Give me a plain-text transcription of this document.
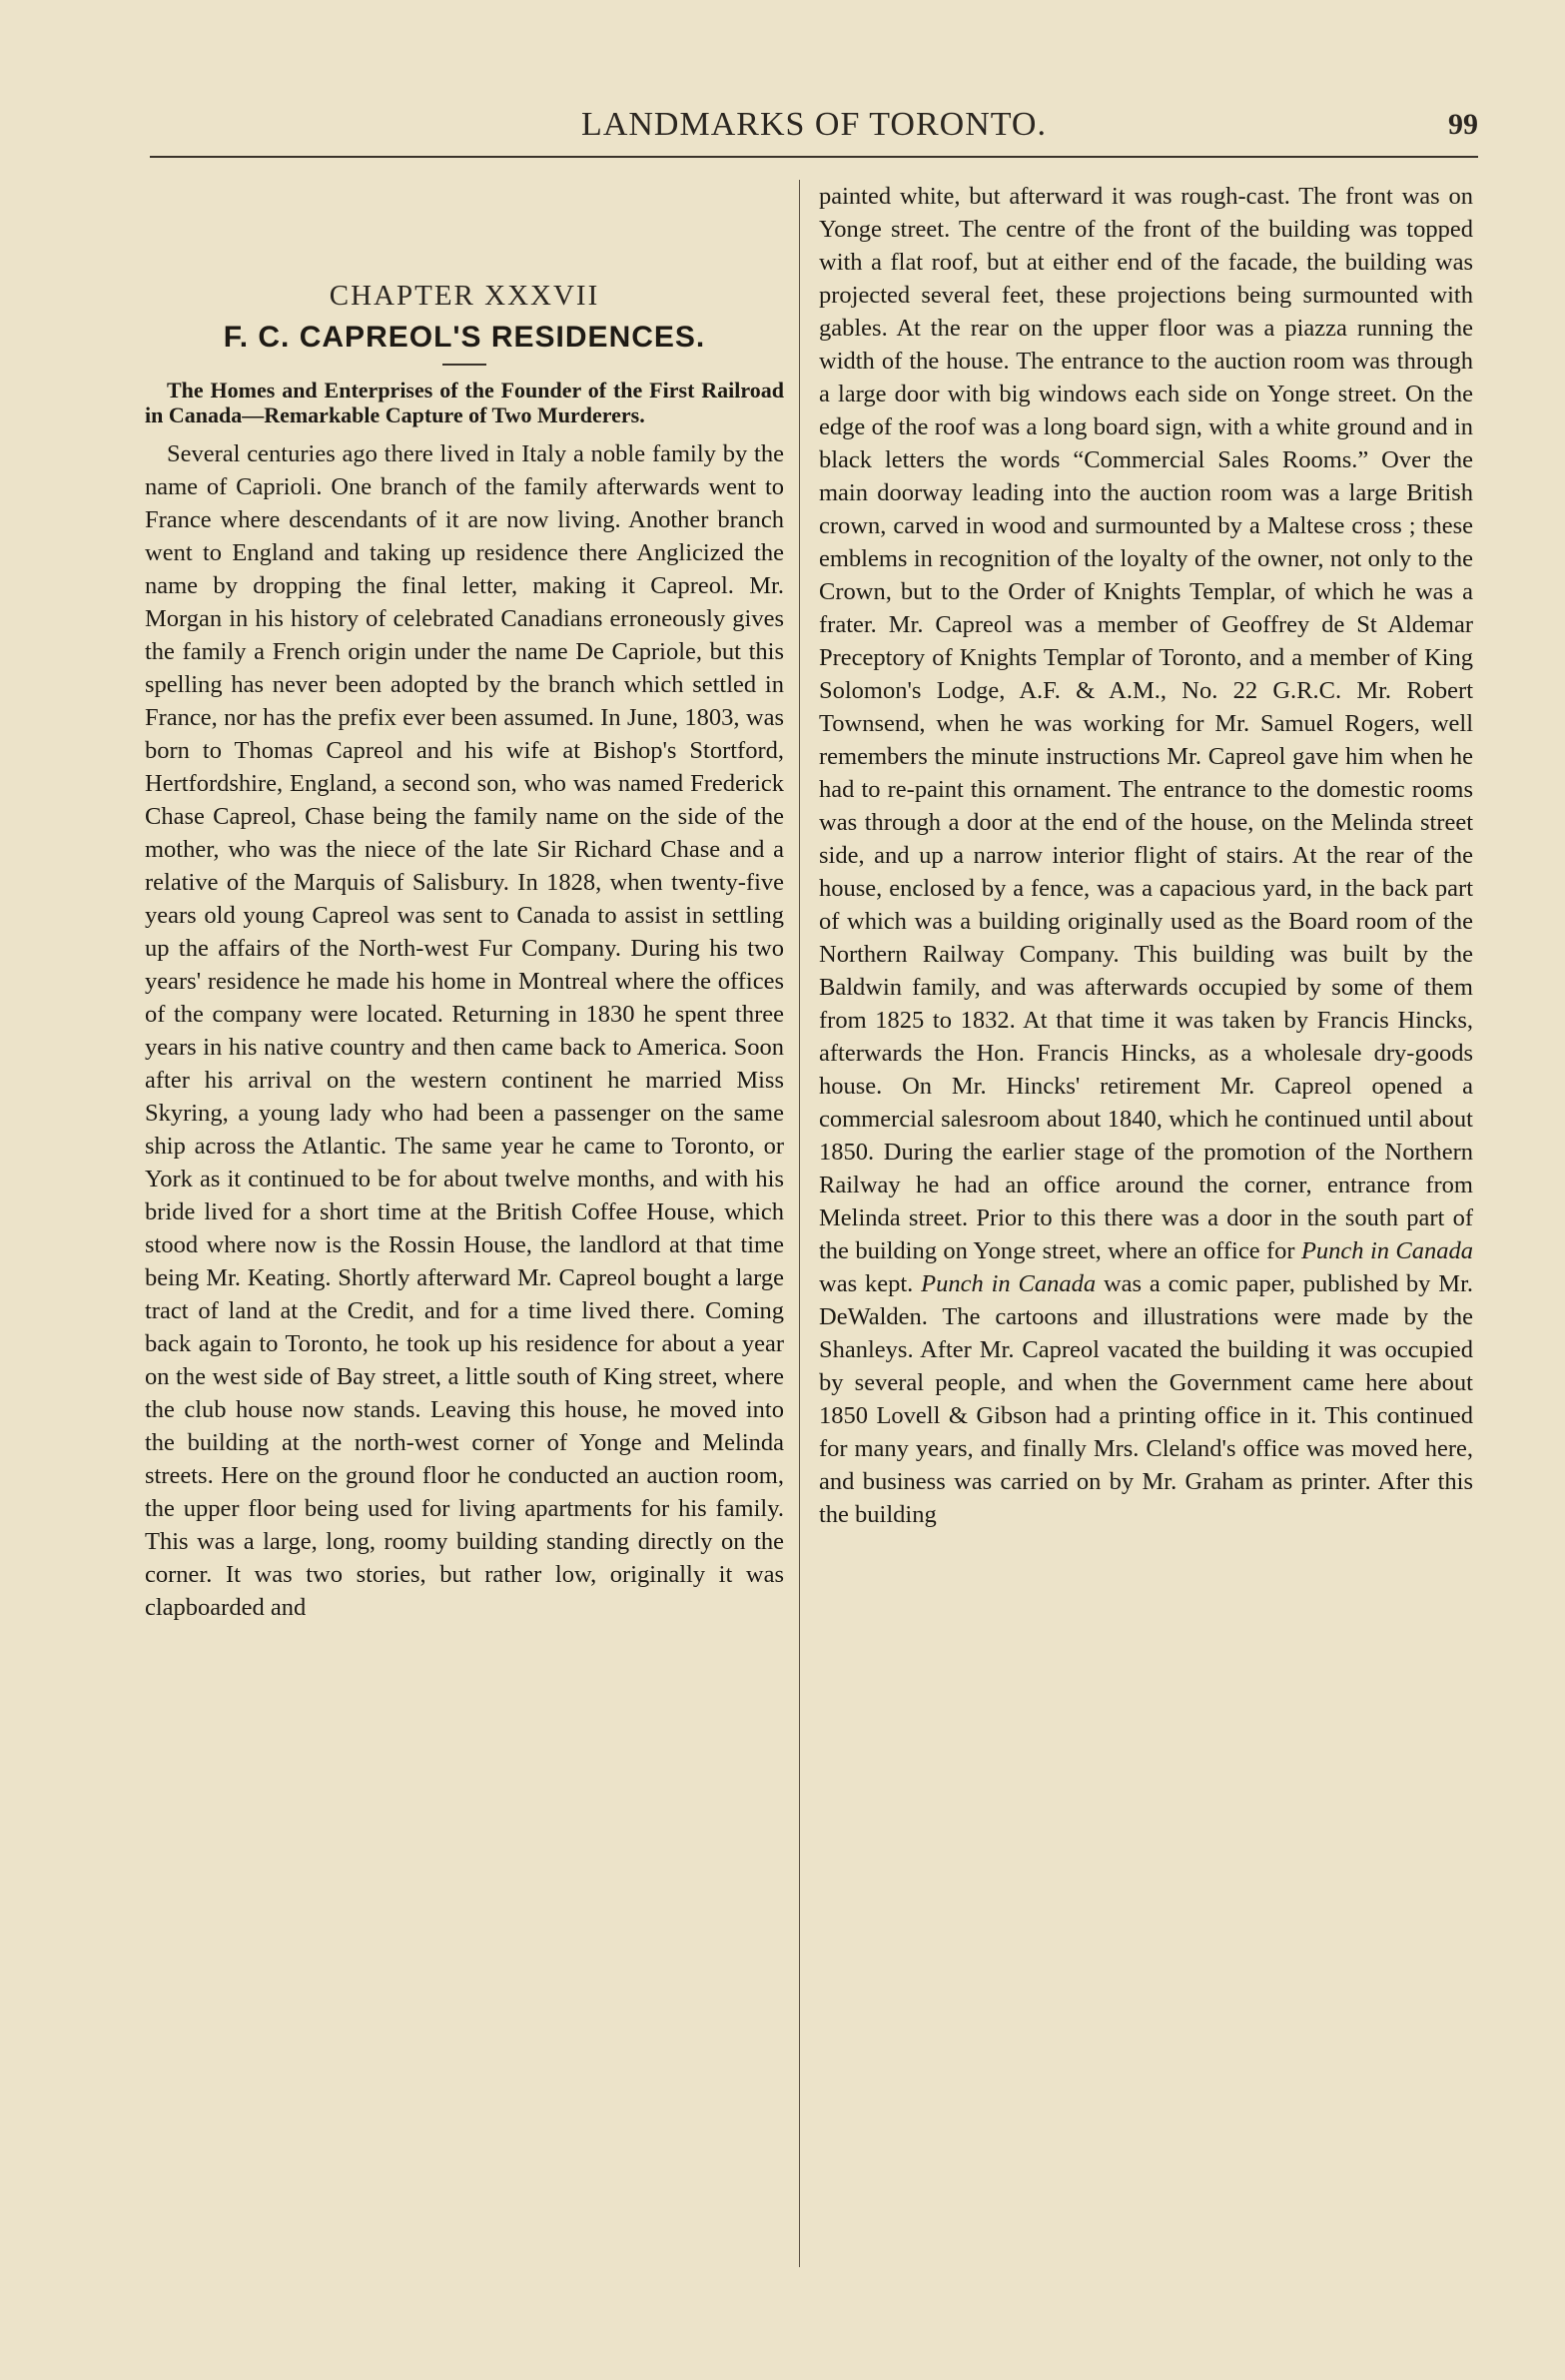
LANDMARKS OF TORONTO.	99
CHAPTER XXXVII
F. C. CAPREOL'S RESIDENCES.

The Homes and Enterprises of the Founder of the First Railroad in Canada—Remarkable Capture of Two Murderers.

Several centuries ago there lived in Italy a noble family by the name of Caprioli. One branch of the family afterwards went to France where descendants of it are now living. Another branch went to England and taking up residence there Anglicized the name by dropping the final letter, making it Capreol. Mr. Morgan in his history of celebrated Canadians erroneously gives the family a French origin under the name De Capriole, but this spelling has never been adopted by the branch which settled in France, nor has the prefix ever been assumed. In June, 1803, was born to Thomas Capreol and his wife at Bishop's Stortford, Hertfordshire, England, a second son, who was named Frederick Chase Capreol, Chase being the family name on the side of the mother, who was the niece of the late Sir Richard Chase and a relative of the Marquis of Salisbury. In 1828, when twenty-five years old young Capreol was sent to Canada to assist in settling up the affairs of the North-west Fur Company. During his two years' residence he made his home in Montreal where the offices of the company were located. Returning in 1830 he spent three years in his native country and then came back to America. Soon after his arrival on the western continent he married Miss Skyring, a young lady who had been a passenger on the same ship across the Atlantic. The same year he came to Toronto, or York as it continued to be for about twelve months, and with his bride lived for a short time at the British Coffee House, which stood where now is the Rossin House, the landlord at that time being Mr. Keating. Shortly afterward Mr. Capreol bought a large tract of land at the Credit, and for a time lived there. Coming back again to Toronto, he took up his residence for about a year on the west side of Bay street, a little south of King street, where the club house now stands. Leaving this house, he moved into the building at the north-west corner of Yonge and Melinda streets. Here on the ground floor he conducted an auction room, the upper floor being used for living apartments for his family. This was a large, long, roomy building standing directly on the corner. It was two stories, but rather low, originally it was clapboarded and

painted white, but afterward it was rough-cast. The front was on Yonge street. The centre of the front of the building was topped with a flat roof, but at either end of the facade, the building was projected several feet, these projections being surmounted with gables. At the rear on the upper floor was a piazza running the width of the house. The entrance to the auction room was through a large door with big windows each side on Yonge street. On the edge of the roof was a long board sign, with a white ground and in black letters the words “Commercial Sales Rooms.” Over the main doorway leading into the auction room was a large British crown, carved in wood and surmounted by a Maltese cross ; these emblems in recognition of the loyalty of the owner, not only to the Crown, but to the Order of Knights Templar, of which he was a frater. Mr. Capreol was a member of Geoffrey de St Aldemar Preceptory of Knights Templar of Toronto, and a member of King Solomon's Lodge, A.F. & A.M., No. 22 G.R.C. Mr. Robert Townsend, when he was working for Mr. Samuel Rogers, well remembers the minute instructions Mr. Capreol gave him when he had to re-paint this ornament. The entrance to the domestic rooms was through a door at the end of the house, on the Melinda street side, and up a narrow interior flight of stairs. At the rear of the house, enclosed by a fence, was a capacious yard, in the back part of which was a building originally used as the Board room of the Northern Railway Company. This building was built by the Baldwin family, and was afterwards occupied by some of them from 1825 to 1832. At that time it was taken by Francis Hincks, afterwards the Hon. Francis Hincks, as a wholesale dry-goods house. On Mr. Hincks' retirement Mr. Capreol opened a commercial salesroom about 1840, which he continued until about 1850. During the earlier stage of the promotion of the Northern Railway he had an office around the corner, entrance from Melinda street. Prior to this there was a door in the south part of the building on Yonge street, where an office for Punch in Canada was kept. Punch in Canada was a comic paper, published by Mr. DeWalden. The cartoons and illustrations were made by the Shanleys. After Mr. Capreol vacated the building it was occupied by several people, and when the Government came here about 1850 Lovell & Gibson had a printing office in it. This continued for many years, and finally Mrs. Cleland's office was moved here, and business was carried on by Mr. Graham as printer. After this the building
